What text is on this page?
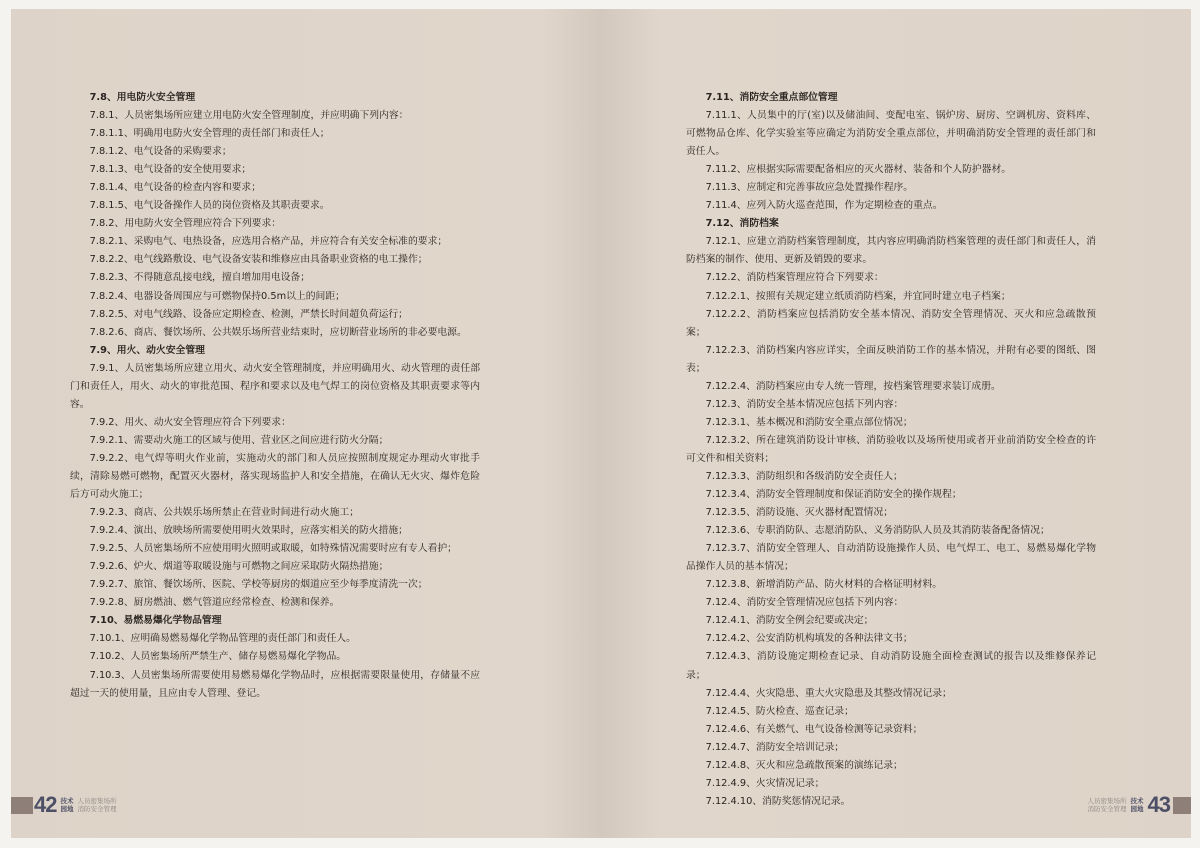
7.8、用电防火安全管理

7.8.1、人员密集场所应建立用电防火安全管理制度，并应明确下列内容：

7.8.1.1、明确用电防火安全管理的责任部门和责任人；

7.8.1.2、电气设备的采购要求；

7.8.1.3、电气设备的安全使用要求；

7.8.1.4、电气设备的检查内容和要求；

7.8.1.5、电气设备操作人员的岗位资格及其职责要求。

7.8.2、用电防火安全管理应符合下列要求：

7.8.2.1、采购电气、电热设备，应选用合格产品，并应符合有关安全标准的要求；

7.8.2.2、电气线路敷设、电气设备安装和维修应由具备职业资格的电工操作；

7.8.2.3、不得随意乱接电线，擅自增加用电设备；

7.8.2.4、电器设备周围应与可燃物保持0.5m以上的间距；

7.8.2.5、对电气线路、设备应定期检查、检测，严禁长时间超负荷运行；

7.8.2.6、商店、餐饮场所、公共娱乐场所营业结束时，应切断营业场所的非必要电源。

7.9、用火、动火安全管理

7.9.1、人员密集场所应建立用火、动火安全管理制度，并应明确用火、动火管理的责任部门和责任人，用火、动火的审批范围、程序和要求以及电气焊工的岗位资格及其职责要求等内容。

7.9.2、用火、动火安全管理应符合下列要求：

7.9.2.1、需要动火施工的区域与使用、营业区之间应进行防火分隔；

7.9.2.2、电气焊等明火作业前，实施动火的部门和人员应按照制度规定办理动火审批手续，清除易燃可燃物，配置灭火器材，落实现场监护人和安全措施，在确认无火灾、爆炸危险后方可动火施工；

7.9.2.3、商店、公共娱乐场所禁止在营业时间进行动火施工；

7.9.2.4、演出、放映场所需要使用明火效果时，应落实相关的防火措施；

7.9.2.5、人员密集场所不应使用明火照明或取暖，如特殊情况需要时应有专人看护；

7.9.2.6、炉火、烟道等取暖设施与可燃物之间应采取防火隔热措施；

7.9.2.7、旅馆、餐饮场所、医院、学校等厨房的烟道应至少每季度清洗一次；

7.9.2.8、厨房燃油、燃气管道应经常检查、检测和保养。

7.10、易燃易爆化学物品管理

7.10.1、应明确易燃易爆化学物品管理的责任部门和责任人。

7.10.2、人员密集场所严禁生产、储存易燃易爆化学物品。

7.10.3、人员密集场所需要使用易燃易爆化学物品时，应根据需要限量使用，存储量不应超过一天的使用量，且应由专人管理、登记。

7.11、消防安全重点部位管理

7.11.1、人员集中的厅(室)以及储油间、变配电室、锅炉房、厨房、空调机房、资料库、可燃物品仓库、化学实验室等应确定为消防安全重点部位，并明确消防安全管理的责任部门和责任人。

7.11.2、应根据实际需要配备相应的灭火器材、装备和个人防护器材。

7.11.3、应制定和完善事故应急处置操作程序。

7.11.4、应列入防火巡查范围，作为定期检查的重点。

7.12、消防档案

7.12.1、应建立消防档案管理制度，其内容应明确消防档案管理的责任部门和责任人，消防档案的制作、使用、更新及销毁的要求。

7.12.2、消防档案管理应符合下列要求：

7.12.2.1、按照有关规定建立纸质消防档案，并宜同时建立电子档案；

7.12.2.2、消防档案应包括消防安全基本情况、消防安全管理情况、灭火和应急疏散预案；

7.12.2.3、消防档案内容应详实，全面反映消防工作的基本情况，并附有必要的图纸、图表；

7.12.2.4、消防档案应由专人统一管理，按档案管理要求装订成册。

7.12.3、消防安全基本情况应包括下列内容：

7.12.3.1、基本概况和消防安全重点部位情况；

7.12.3.2、所在建筑消防设计审核、消防验收以及场所使用或者开业前消防安全检查的许可文件和相关资料；

7.12.3.3、消防组织和各级消防安全责任人；

7.12.3.4、消防安全管理制度和保证消防安全的操作规程；

7.12.3.5、消防设施、灭火器材配置情况；

7.12.3.6、专职消防队、志愿消防队、义务消防队人员及其消防装备配备情况；

7.12.3.7、消防安全管理人、自动消防设施操作人员、电气焊工、电工、易燃易爆化学物品操作人员的基本情况；

7.12.3.8、新增消防产品、防火材料的合格证明材料。

7.12.4、消防安全管理情况应包括下列内容：

7.12.4.1、消防安全例会纪要或决定；

7.12.4.2、公安消防机构填发的各种法律文书；

7.12.4.3、消防设施定期检查记录、自动消防设施全面检查测试的报告以及维修保养记录；

7.12.4.4、火灾隐患、重大火灾隐患及其整改情况记录；

7.12.4.5、防火检查、巡查记录；

7.12.4.6、有关燃气、电气设备检测等记录资料；

7.12.4.7、消防安全培训记录；

7.12.4.8、灭火和应急疏散预案的演练记录；

7.12.4.9、火灾情况记录；

7.12.4.10、消防奖惩情况记录。

42 技术
园地
人员密集场所
消防安全管理
人员密集场所
消防安全管理
技术
园地 43
